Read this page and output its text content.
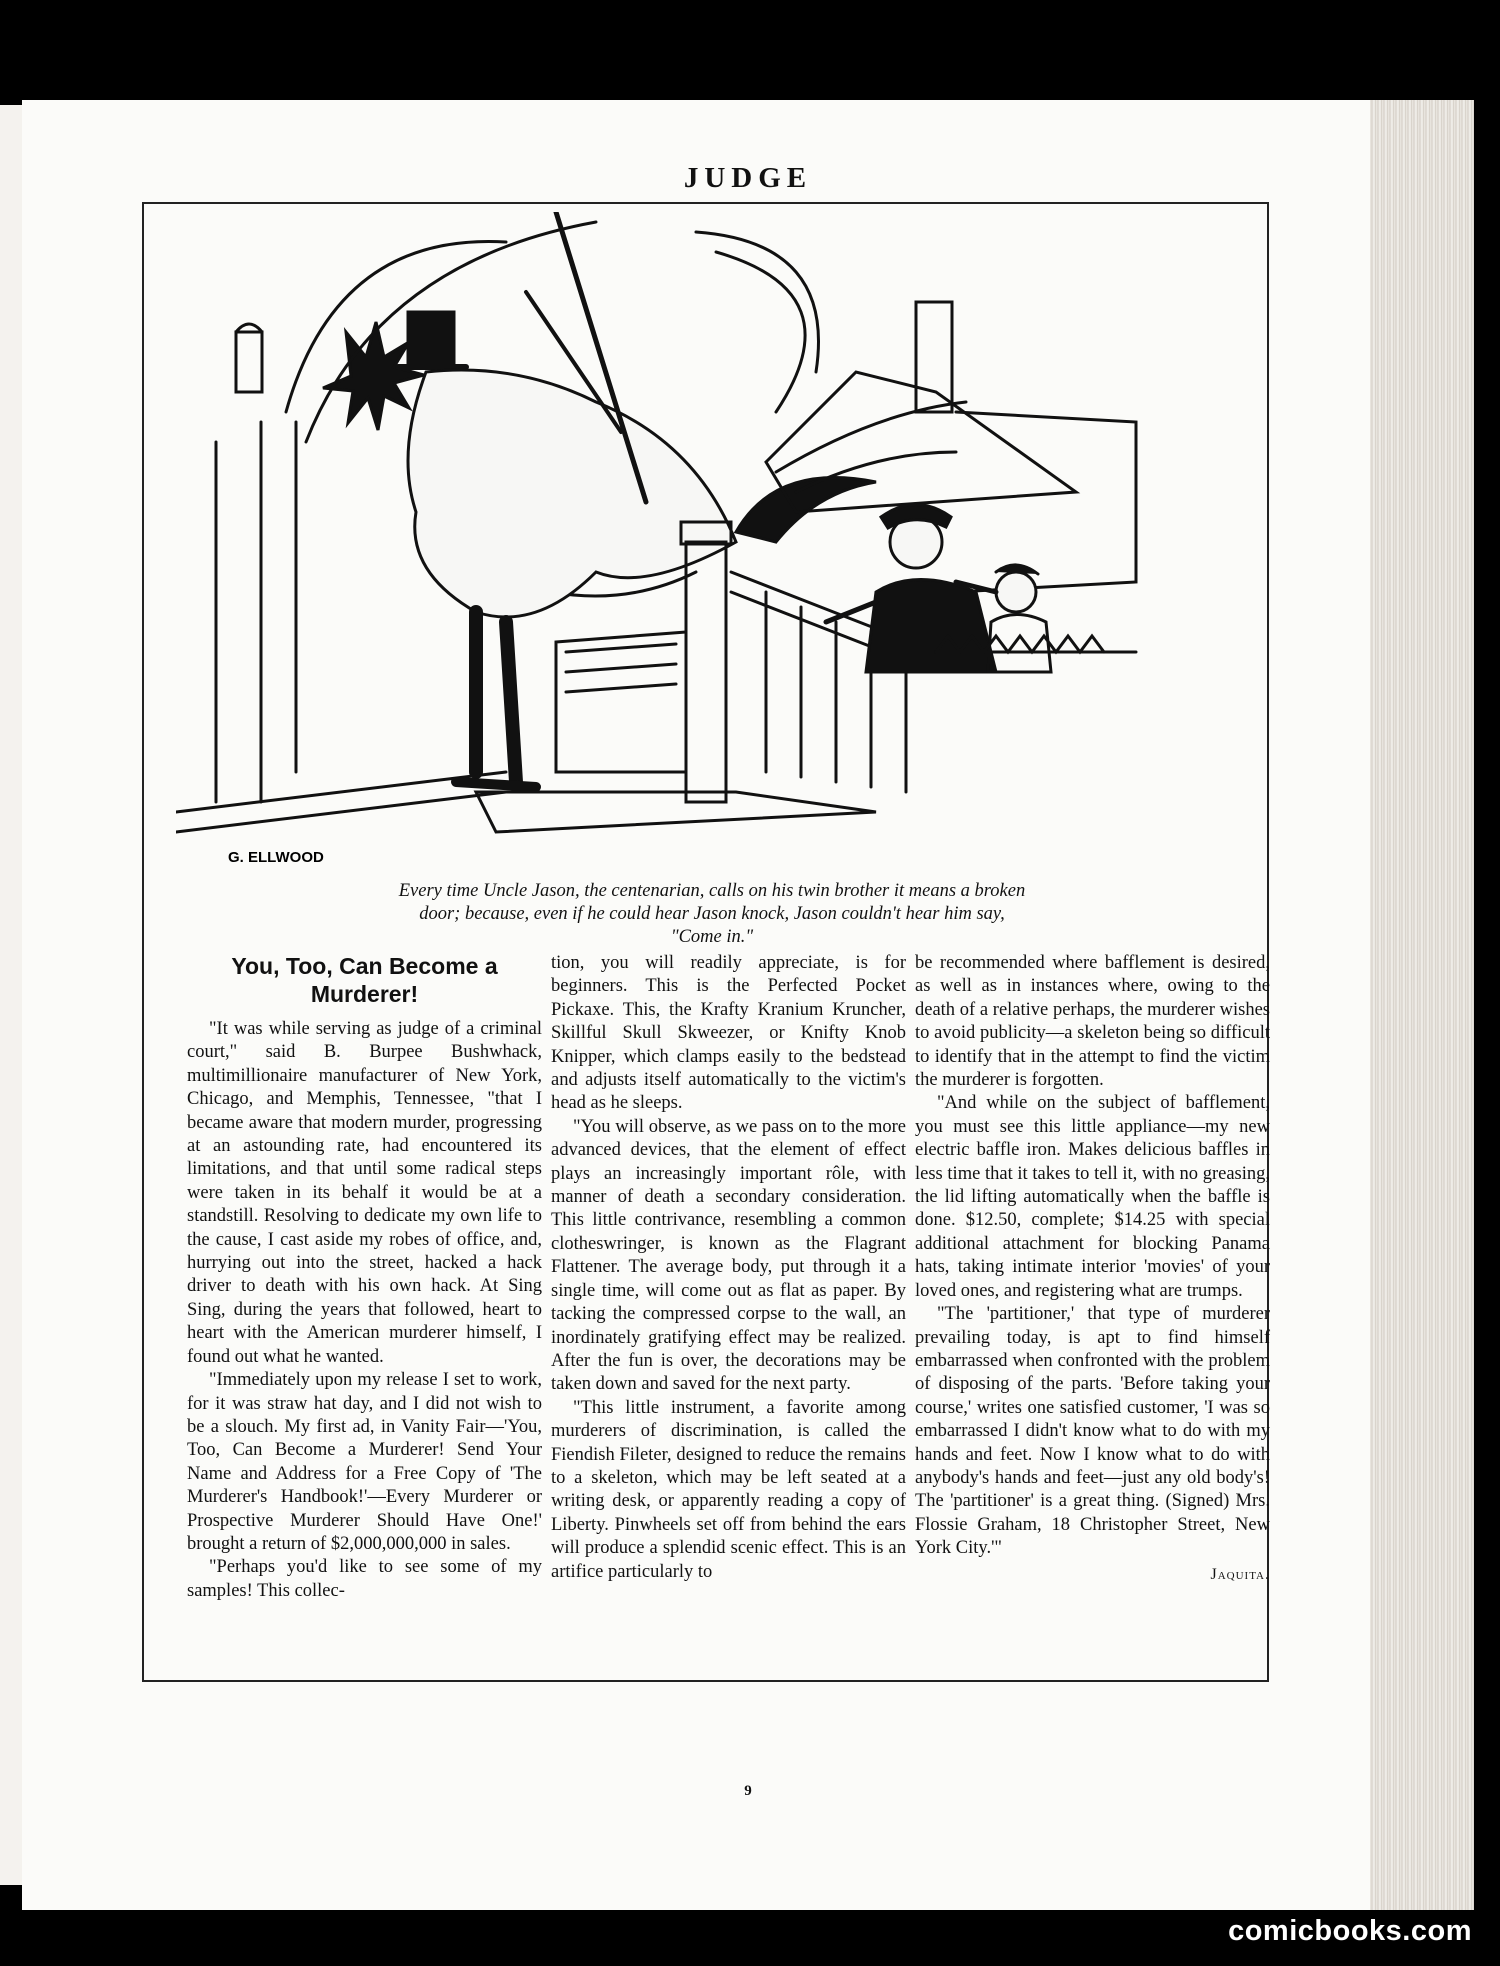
JUDGE
G. ELLWOOD
Every time Uncle Jason, the centenarian, calls on his twin brother it means a broken
door; because, even if he could hear Jason knock, Jason couldn't hear him say,
"Come in."
You, Too, Can Become a Murderer!

"It was while serving as judge of a criminal court," said B. Burpee Bushwhack, multimillionaire manufacturer of New York, Chicago, and Memphis, Tennessee, "that I became aware that modern murder, progressing at an astounding rate, had encountered its limitations, and that until some radical steps were taken in its behalf it would be at a standstill. Resolving to dedicate my own life to the cause, I cast aside my robes of office, and, hurrying out into the street, hacked a hack driver to death with his own hack. At Sing Sing, during the years that followed, heart to heart with the American murderer himself, I found out what he wanted.

"Immediately upon my release I set to work, for it was straw hat day, and I did not wish to be a slouch. My first ad, in Vanity Fair—'You, Too, Can Become a Murderer! Send Your Name and Address for a Free Copy of 'The Murderer's Handbook!'—Every Murderer or Prospective Murderer Should Have One!' brought a return of $2,000,000,000 in sales.

"Perhaps you'd like to see some of my samples! This collec-

tion, you will readily appreciate, is for beginners. This is the Perfected Pocket Pickaxe. This, the Krafty Kranium Kruncher, Skillful Skull Skweezer, or Knifty Knob Knipper, which clamps easily to the bedstead and adjusts itself automatically to the victim's head as he sleeps.

"You will observe, as we pass on to the more advanced devices, that the element of effect plays an increasingly important rôle, with manner of death a secondary consideration. This little contrivance, resembling a common clotheswringer, is known as the Flagrant Flattener. The average body, put through it a single time, will come out as flat as paper. By tacking the compressed corpse to the wall, an inordinately gratifying effect may be realized. After the fun is over, the decorations may be taken down and saved for the next party.

"This little instrument, a favorite among murderers of discrimination, is called the Fiendish Fileter, designed to reduce the remains to a skeleton, which may be left seated at a writing desk, or apparently reading a copy of Liberty. Pinwheels set off from behind the ears will produce a splendid scenic effect. This is an artifice particularly to

be recommended where bafflement is desired, as well as in instances where, owing to the death of a relative perhaps, the murderer wishes to avoid publicity—a skeleton being so difficult to identify that in the attempt to find the victim the murderer is forgotten.

"And while on the subject of bafflement, you must see this little appliance—my new electric baffle iron. Makes delicious baffles in less time that it takes to tell it, with no greasing, the lid lifting automatically when the baffle is done. $12.50, complete; $14.25 with special additional attachment for blocking Panama hats, taking intimate interior 'movies' of your loved ones, and registering what are trumps.

"The 'partitioner,' that type of murderer prevailing today, is apt to find himself embarrassed when confronted with the problem of disposing of the parts. 'Before taking your course,' writes one satisfied customer, 'I was so embarrassed I didn't know what to do with my hands and feet. Now I know what to do with anybody's hands and feet—just any old body's! The 'partitioner' is a great thing. (Signed) Mrs. Flossie Graham, 18 Christopher Street, New York City.'"

Jaquita.
9
comicbooks.com
